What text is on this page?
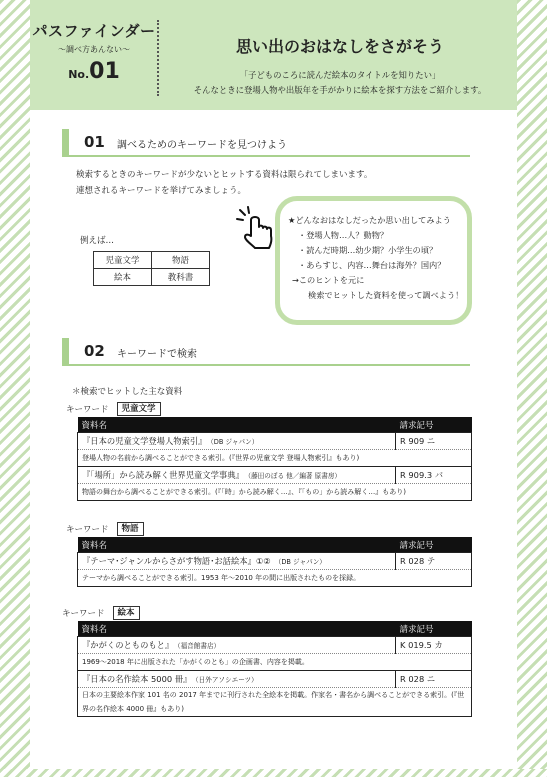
パスファインダー
～調べ方あんない～
No.01
思い出のおはなしをさがそう
「子どものころに読んだ絵本のタイトルを知りたい」
そんなときに登場人物や出版年を手がかりに絵本を探す方法をご紹介します。
01 調べるためのキーワードを見つけよう
検索するときのキーワードが少ないとヒットする資料は限られてしまいます。
連想されるキーワードを挙げてみましょう。
例えば…
児童文学	物語
絵本	教科書
★どんなおはなしだったか思い出してみよう
・登場人物…人？動物？
・読んだ時期…幼少期？小学生の頃？
・あらすじ、内容…舞台は海外？国内？
→このヒントを元に
検索でヒットした資料を使って調べよう！
02 キーワードで検索
＊検索でヒットした主な資料
キーワード	児童文学
資料名	請求記号
『日本の児童文学登場人物索引』 （DB ジャパン）	R 909 ニ
登場人物の名前から調べることができる索引。(『世界の児童文学 登場人物索引』もあり)	
『「場所」から読み解く世界児童文学事典』 （藤田のぼる 他／編著 原書房）	R 909.3 バ
物語の舞台から調べることができる索引。(『「時」から読み解く…』、『「もの」から読み解く…』もあり)	
キーワード	物語
資料名	請求記号
『テーマ･ジャンルからさがす物語･お話絵本』①② （DB ジャパン）	R 028 テ
テーマから調べることができる索引。1953 年～2010 年の間に出版されたものを採録。	
キーワード	絵本
資料名	請求記号
『かがくのとものもと』 （福音館書店）	K 019.5 カ
1969～2018 年に出版された「かがくのとも」の企画書、内容を掲載。	
『日本の名作絵本 5000 冊』 （日外アソシエーツ）	R 028 ニ
日本の主要絵本作家 101 名の 2017 年までに刊行された全絵本を掲載。作家名・書名から調べることができる索引。(『世界の名作絵本 4000 冊』もあり)	
